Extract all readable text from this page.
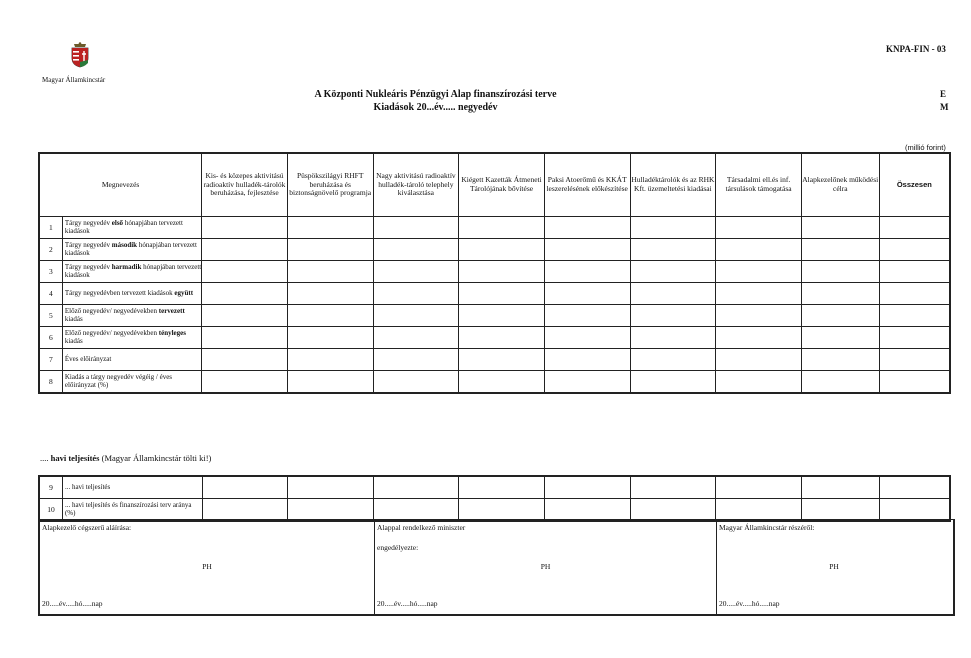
Magyar Államkincstár
KNPA-FIN - 03
A Központi Nukleáris Pénzügyi Alap finanszírozási terve
Kiadások 20...év..... negyedév
E
M
(millió forint)
Megnevezés		Kis- és közepes aktivitású radioaktív hulladék-tárolók beruházása, fejlesztése	Püspökszilágyi RHFT beruházása és biztonságnövelő programja	Nagy aktivitású radioaktív hulladék-tároló telephely kiválasztása	Kiégett Kazetták Átmeneti Tárolójának bővítése	Paksi Atoerőmű és KKÁT leszerelésének előkészítése	Hulladéktárolók és az RHK Kft. üzemeltetési kiadásai	Társadalmi ell.és inf. társulások támogatása	Alapkezelőnek működési célra	Összesen
1	Tárgy negyedév első hónapjában tervezett kiadások									
2	Tárgy negyedév második hónapjában tervezett kiadások									
3	Tárgy negyedév harmadik hónapjában tervezett kiadások									
4	Tárgy negyedévben tervezett kiadások együtt									
5	Előző negyedév/ negyedévekben tervezett kiadás									
6	Előző negyedév/ negyedévekben tényleges kiadás									
7	Éves előirányzat									
8	Kiadás a tárgy negyedév végéig / éves előirányzat (%)									
.... havi teljesítés (Magyar Államkincstár tölti ki!)
9	... havi teljesítés									
10	... havi teljesítés és finanszírozási terv aránya (%)									
Alapkezelő cégszerű aláírása:
PH
20.....év.....hó.....nap
Alappal rendelkező miniszter
engedélyezte:
PH
20.....év.....hó.....nap
Magyar Államkincstár részéről:
PH
20.....év.....hó.....nap
